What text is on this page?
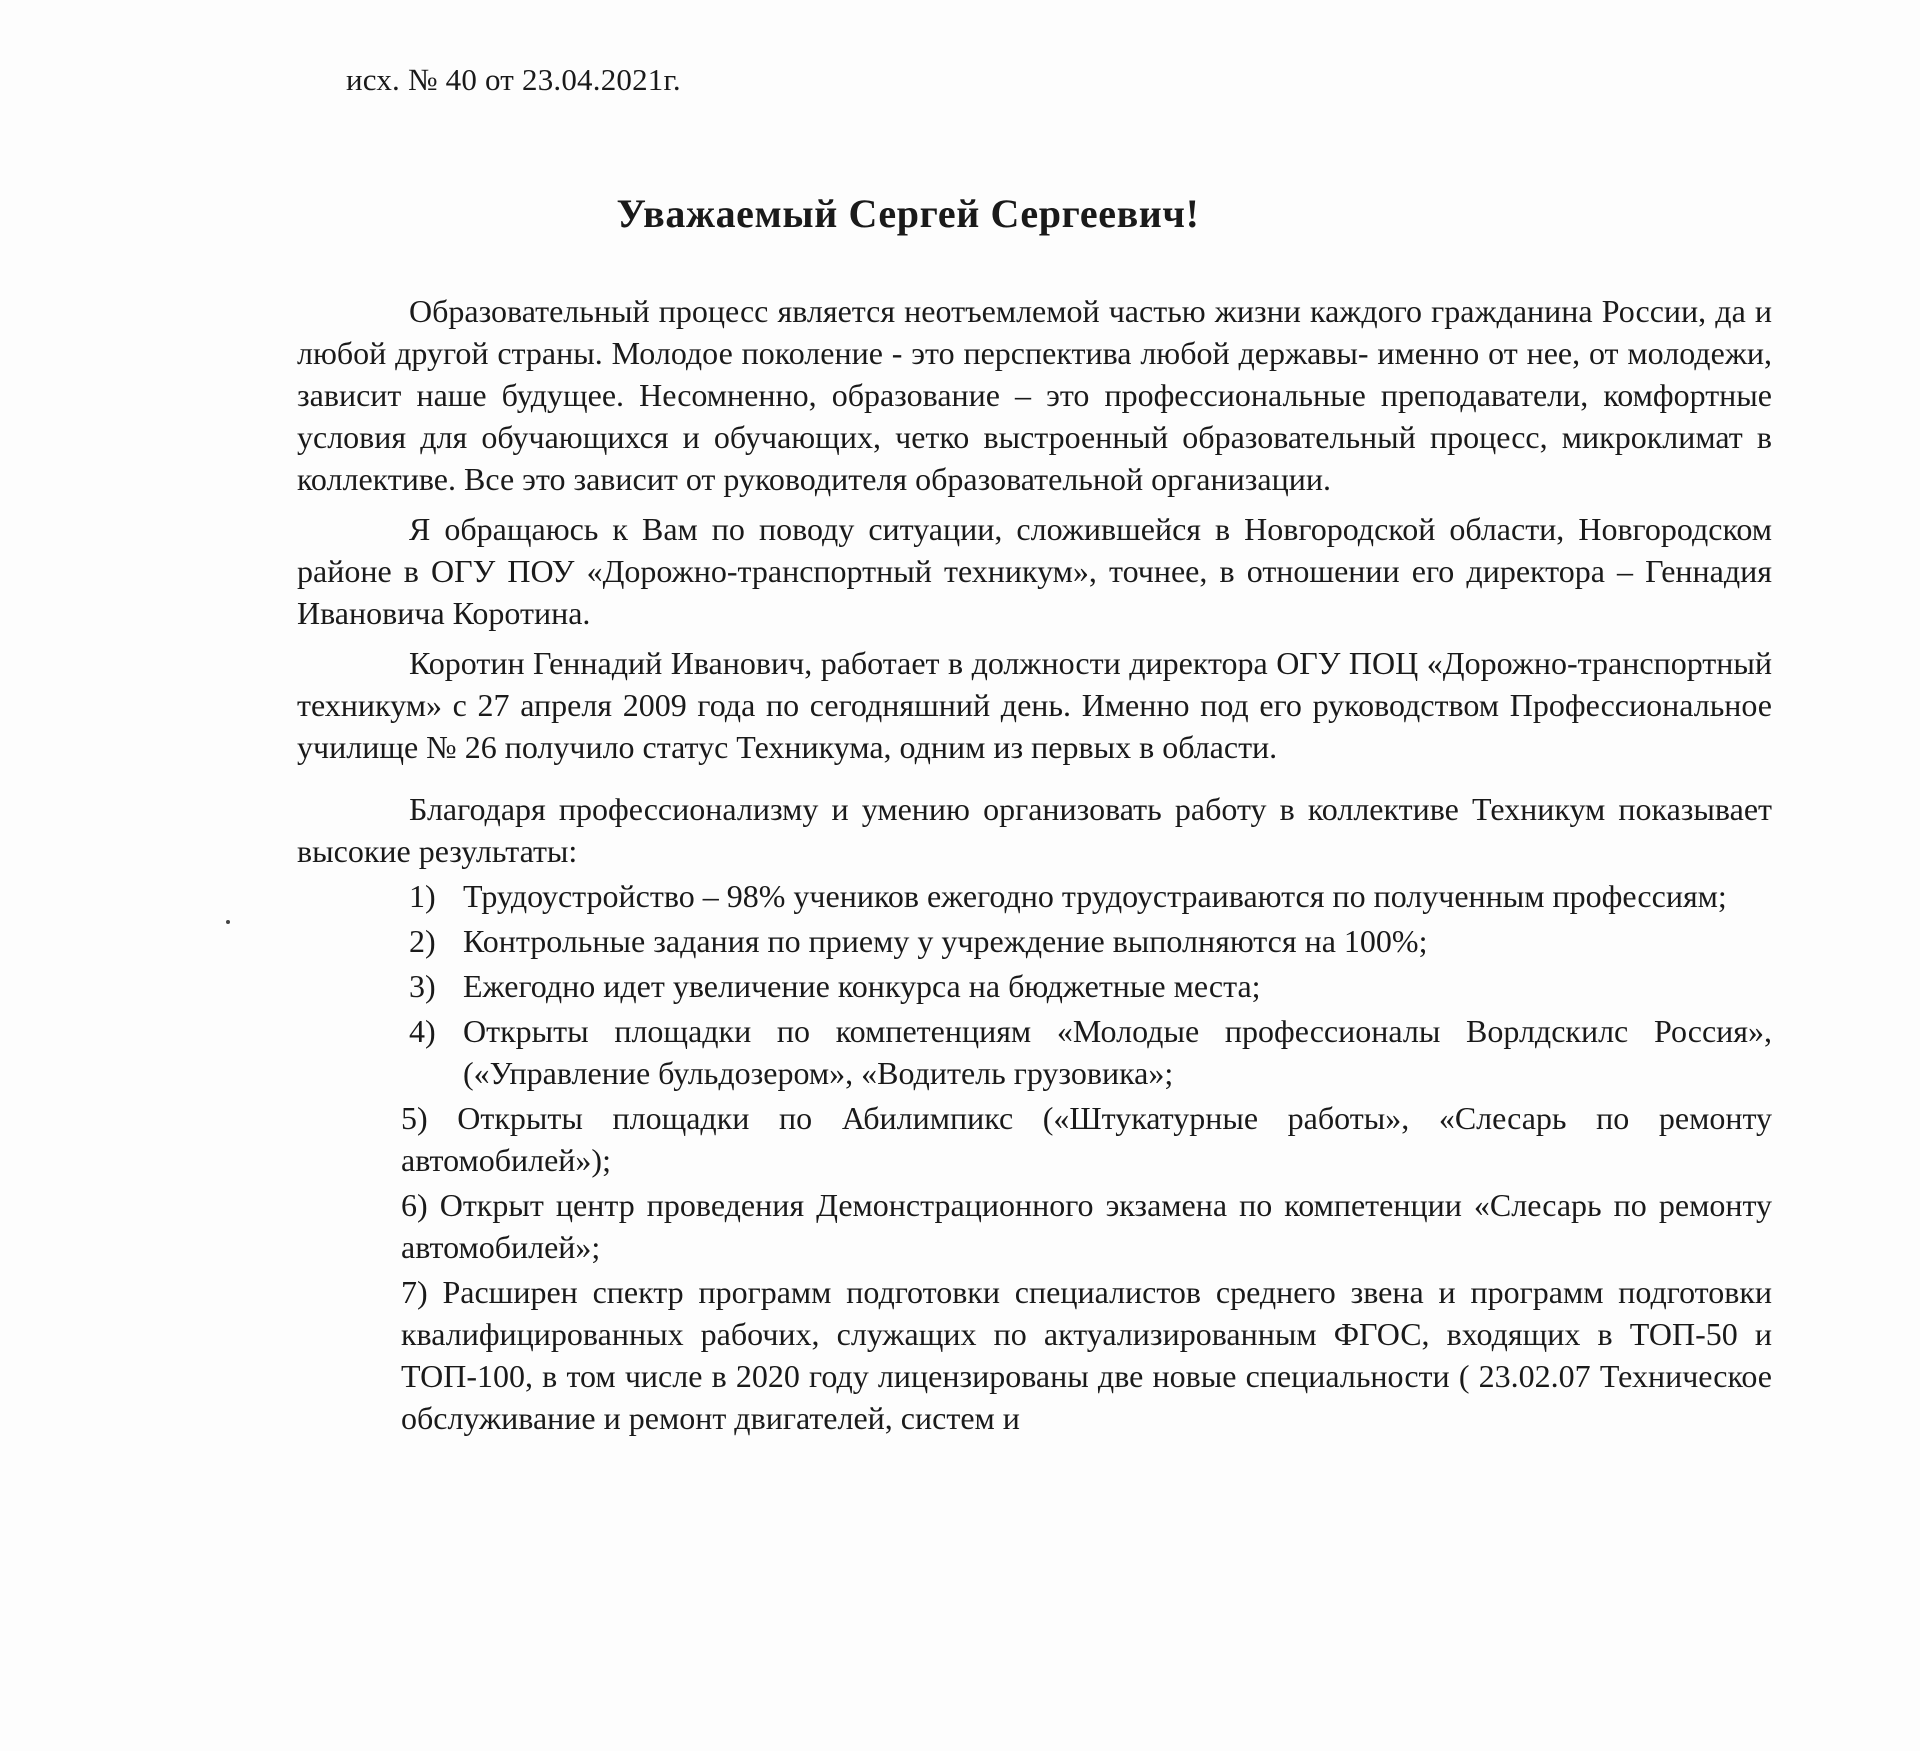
исх. № 40 от 23.04.2021г.
Уважаемый Сергей Сергеевич!

Образовательный процесс является неотъемлемой частью жизни каждого гражданина России, да и любой другой страны. Молодое поколение - это перспектива любой державы- именно от нее, от молодежи, зависит наше будущее. Несомненно, образование – это профессиональные преподаватели, комфортные условия для обучающихся и обучающих, четко выстроенный образовательный процесс, микроклимат в коллективе. Все это зависит от руководителя образовательной организации.

Я обращаюсь к Вам по поводу ситуации, сложившейся в Новгородской области, Новгородском районе в ОГУ ПОУ «Дорожно-транспортный техникум», точнее, в отношении его директора – Геннадия Ивановича Коротина.

Коротин Геннадий Иванович, работает в должности директора ОГУ ПОЦ «Дорожно-транспортный техникум» с 27 апреля 2009 года по сегодняшний день. Именно под его руководством Профессиональное училище № 26 получило статус Техникума, одним из первых в области.

Благодаря профессионализму и умению организовать работу в коллективе Техникум показывает высокие результаты:

1) Трудоустройство – 98% учеников ежегодно трудоустраиваются по полученным профессиям;
2) Контрольные задания по приему у учреждение выполняются на 100%;
3) Ежегодно идет увеличение конкурса на бюджетные места;
4) Открыты площадки по компетенциям «Молодые профессионалы Ворлдскилс Россия», («Управление бульдозером», «Водитель грузовика»;
5) Открыты площадки по Абилимпикс («Штукатурные работы», «Слесарь по ремонту автомобилей»);
6) Открыт центр проведения Демонстрационного экзамена по компетенции «Слесарь по ремонту автомобилей»;
7) Расширен спектр программ подготовки специалистов среднего звена и программ подготовки квалифицированных рабочих, служащих по актуализированным ФГОС, входящих в ТОП-50 и ТОП-100, в том числе в 2020 году лицензированы две новые специальности ( 23.02.07 Техническое обслуживание и ремонт двигателей, систем и
